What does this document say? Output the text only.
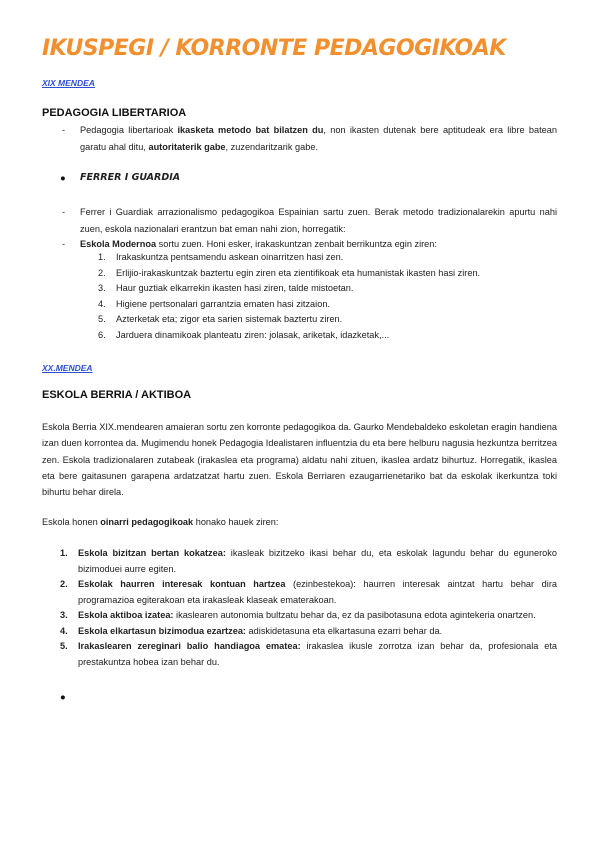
IKUSPEGI / KORRONTE PEDAGOGIKOAK
XIX MENDEA
PEDAGOGIA LIBERTARIOA
- Pedagogia libertarioak ikasketa metodo bat bilatzen du, non ikasten dutenak bere aptitudeak era libre batean garatu ahal ditu, autoritaterik gabe, zuzendaritzarik gabe.
● FERRER I GUARDIA
- Ferrer i Guardiak arrazionalismo pedagogikoa Espainian sartu zuen. Berak metodo tradizionalarekin apurtu nahi zuen, eskola nazionalari erantzun bat eman nahi zion, horregatik:
- Eskola Modernoa sortu zuen. Honi esker, irakaskuntzan zenbait berrikuntza egin ziren:
1. Irakaskuntza pentsamendu askean oinarritzen hasi zen.
2. Erlijio-irakaskuntzak baztertu egin ziren eta zientifikoak eta humanistak ikasten hasi ziren.
3. Haur guztiak elkarrekin ikasten hasi ziren, talde mistoetan.
4. Higiene pertsonalari garrantzia ematen hasi zitzaion.
5. Azterketak eta; zigor eta sarien sistemak baztertu ziren.
6. Jarduera dinamikoak planteatu ziren: jolasak, ariketak, idazketak,...
XX.MENDEA
ESKOLA BERRIA / AKTIBOA
Eskola Berria XIX.mendearen amaieran sortu zen korronte pedagogikoa da. Gaurko Mendebaldeko eskoletan eragin handiena izan duen korrontea da. Mugimendu honek Pedagogia Idealistaren influentzia du eta bere helburu nagusia hezkuntza berritzea zen. Eskola tradizionalaren zutabeak (irakaslea eta programa) aldatu nahi zituen, ikaslea ardatz bihurtuz. Horregatik, ikaslea eta bere gaitasunen garapena ardatzatzat hartu zuen. Eskola Berriaren ezaugarrienetariko bat da eskolak ikerkuntza toki bihurtu behar direla.
Eskola honen oinarri pedagogikoak honako hauek ziren:
1. Eskola bizitzan bertan kokatzea: ikasleak bizitzeko ikasi behar du, eta eskolak lagundu behar du eguneroko bizimoduei aurre egiten.
2. Eskolak haurren interesak kontuan hartzea (ezinbestekoa): haurren interesak aintzat hartu behar dira programazioa egiterakoan eta irakasleak klaseak ematerakoan.
3. Eskola aktiboa izatea: ikaslearen autonomia bultzatu behar da, ez da pasibotasuna edota agintekeria onartzen.
4. Eskola elkartasun bizimodua ezartzea: adiskidetasuna eta elkartasuna ezarri behar da.
5. Irakaslearen zereginari balio handiagoa ematea: irakaslea ikusle zorrotza izan behar da, profesionala eta prestakuntza hobea izan behar du.
●
